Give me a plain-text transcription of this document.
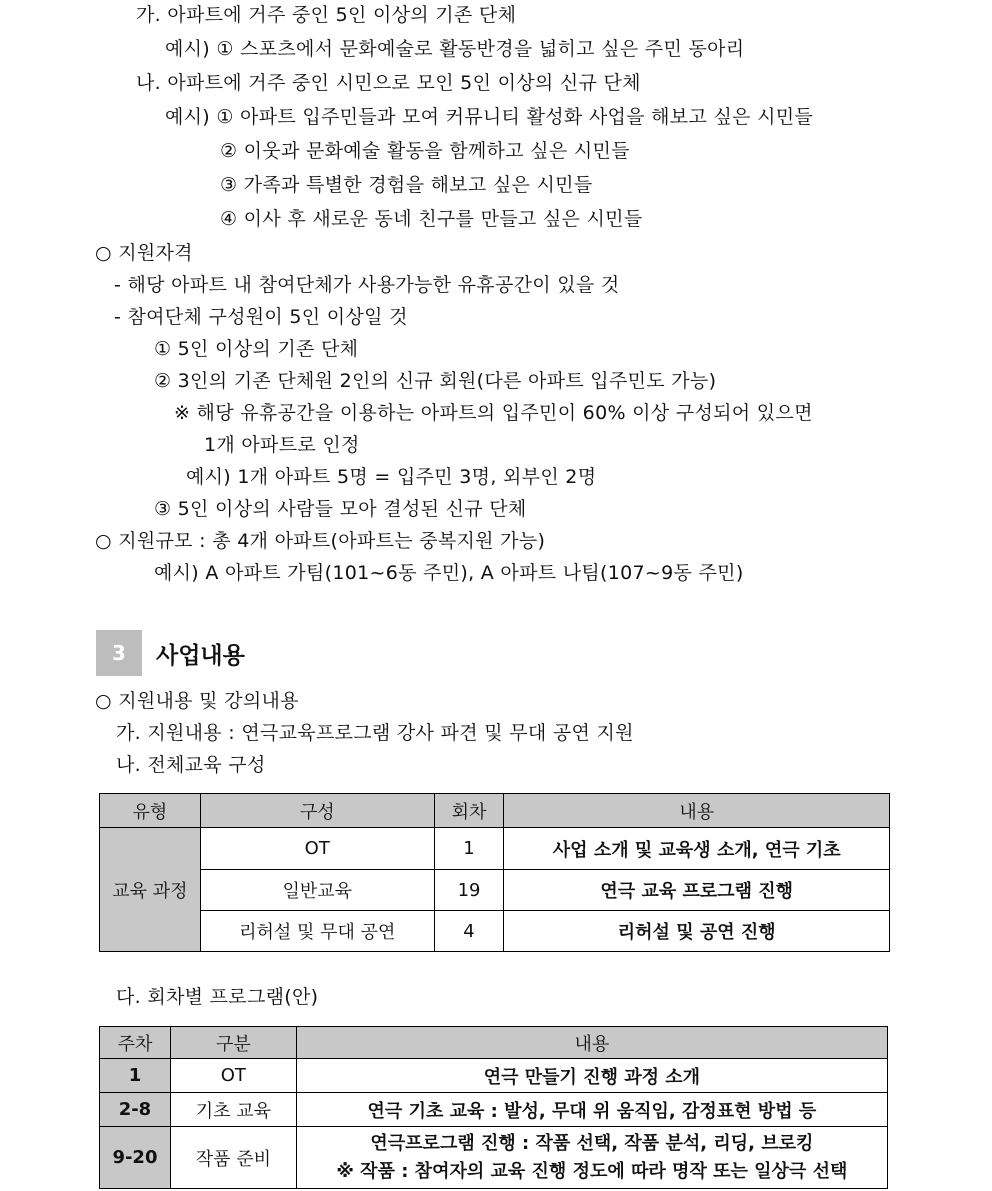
가. 아파트에 거주 중인 5인 이상의 기존 단체
예시) ① 스포츠에서 문화예술로 활동반경을 넓히고 싶은 주민 동아리
나. 아파트에 거주 중인 시민으로 모인 5인 이상의 신규 단체
예시) ① 아파트 입주민들과 모여 커뮤니티 활성화 사업을 해보고 싶은 시민들
② 이웃과 문화예술 활동을 함께하고 싶은 시민들
③ 가족과 특별한 경험을 해보고 싶은 시민들
④ 이사 후 새로운 동네 친구를 만들고 싶은 시민들
○ 지원자격
- 해당 아파트 내 참여단체가 사용가능한 유휴공간이 있을 것
- 참여단체 구성원이 5인 이상일 것
① 5인 이상의 기존 단체
② 3인의 기존 단체원 2인의 신규 회원(다른 아파트 입주민도 가능)
※ 해당 유휴공간을 이용하는 아파트의 입주민이 60% 이상 구성되어 있으면
1개 아파트로 인정
예시) 1개 아파트 5명 = 입주민 3명, 외부인 2명
③ 5인 이상의 사람들 모아 결성된 신규 단체
○ 지원규모 : 총 4개 아파트(아파트는 중복지원 가능)
예시) A 아파트 가팀(101~6동 주민), A 아파트 나팀(107~9동 주민)
3	사업내용
○ 지원내용 및 강의내용
가. 지원내용 : 연극교육프로그램 강사 파견 및 무대 공연 지원
나. 전체교육 구성
유형	구성	회차	내용
교육 과정	OT	1	사업 소개 및 교육생 소개, 연극 기초
	일반교육	19	연극 교육 프로그램 진행
	리허설 및 무대 공연	4	리허설 및 공연 진행
다. 회차별 프로그램(안)
주차	구분	내용
1	OT	연극 만들기 진행 과정 소개
2-8	기초 교육	연극 기초 교육 : 발성, 무대 위 움직임, 감정표현 방법 등
9-20	작품 준비	연극프로그램 진행 : 작품 선택, 작품 분석, 리딩, 브로킹
※ 작품 : 참여자의 교육 진행 정도에 따라 명작 또는 일상극 선택
